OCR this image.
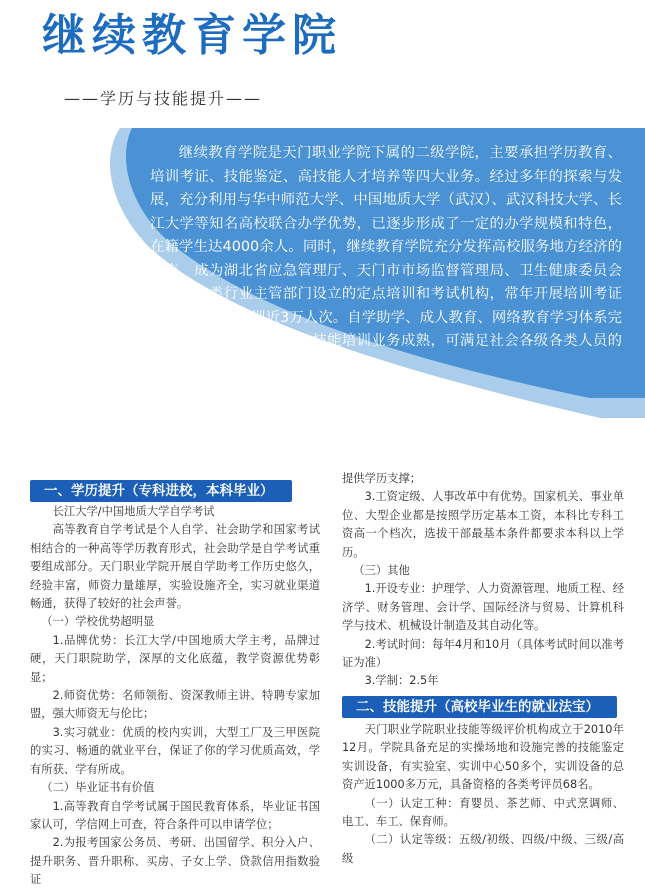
继续教育学院
——学历与技能提升——

继续教育学院是天门职业学院下属的二级学院，主要承担学历教育、培训考证、技能鉴定、高技能人才培养等四大业务。经过多年的探索与发展，充分利用与华中师范大学、中国地质大学（武汉）、武汉科技大学、长江大学等知名高校联合办学优势，已逐步形成了一定的办学规模和特色，在籍学生达4000余人。同时，继续教育学院充分发挥高校服务地方经济的特点，成为湖北省应急管理厅、天门市市场监督管理局、卫生健康委员会等各级各类行业主管部门设立的定点培训和考试机构，常年开展培训考证业务，累计年培训近3万人次。自学助学、成人教育、网络教育学习体系完善，学习形式灵活多样，技能培训业务成熟，可满足社会各级各类人员的学历提升和技能提升需求。

一、学历提升（专科进校，本科毕业）

长江大学/中国地质大学自学考试

高等教育自学考试是个人自学、社会助学和国家考试相结合的一种高等学历教育形式，社会助学是自学考试重要组成部分。天门职业学院开展自学助考工作历史悠久，经验丰富，师资力量雄厚，实验设施齐全，实习就业渠道畅通，获得了较好的社会声誉。

（一）学校优势超明显

1.品牌优势：长江大学/中国地质大学主考，品牌过硬，天门职院助学，深厚的文化底蕴，教学资源优势彰显；

2.师资优势：名师领衔、资深教师主讲、特聘专家加盟，强大师资无与伦比；

3.实习就业：优质的校内实训，大型工厂及三甲医院的实习、畅通的就业平台，保证了你的学习优质高效，学有所获、学有所成。

（二）毕业证书有价值

1.高等教育自学考试属于国民教育体系，毕业证书国家认可，学信网上可查，符合条件可以申请学位；

2.为报考国家公务员、考研、出国留学、积分入户、提升职务、晋升职称、买房、子女上学、贷款信用指数验证

提供学历支撑；

3.工资定级、人事改革中有优势。国家机关、事业单位、大型企业都是按照学历定基本工资，本科比专科工资高一个档次，选拔干部最基本条件都要求本科以上学历。

（三）其他

1.开设专业：护理学、人力资源管理、地质工程、经济学、财务管理、会计学、国际经济与贸易、计算机科学与技术、机械设计制造及其自动化等。

2.考试时间：每年4月和10月（具体考试时间以准考证为准）

3.学制：2.5年

二、技能提升（高校毕业生的就业法宝）

天门职业学院职业技能等级评价机构成立于2010年12月。学院具备充足的实操场地和设施完善的技能鉴定实训设备，有实验室、实训中心50多个，实训设备的总资产近1000多万元，具备资格的各类考评员68名。

（一）认定工种：育婴员、茶艺师、中式烹调师、电工、车工、保育师。

（二）认定等级：五级/初级、四级/中级、三级/高级
